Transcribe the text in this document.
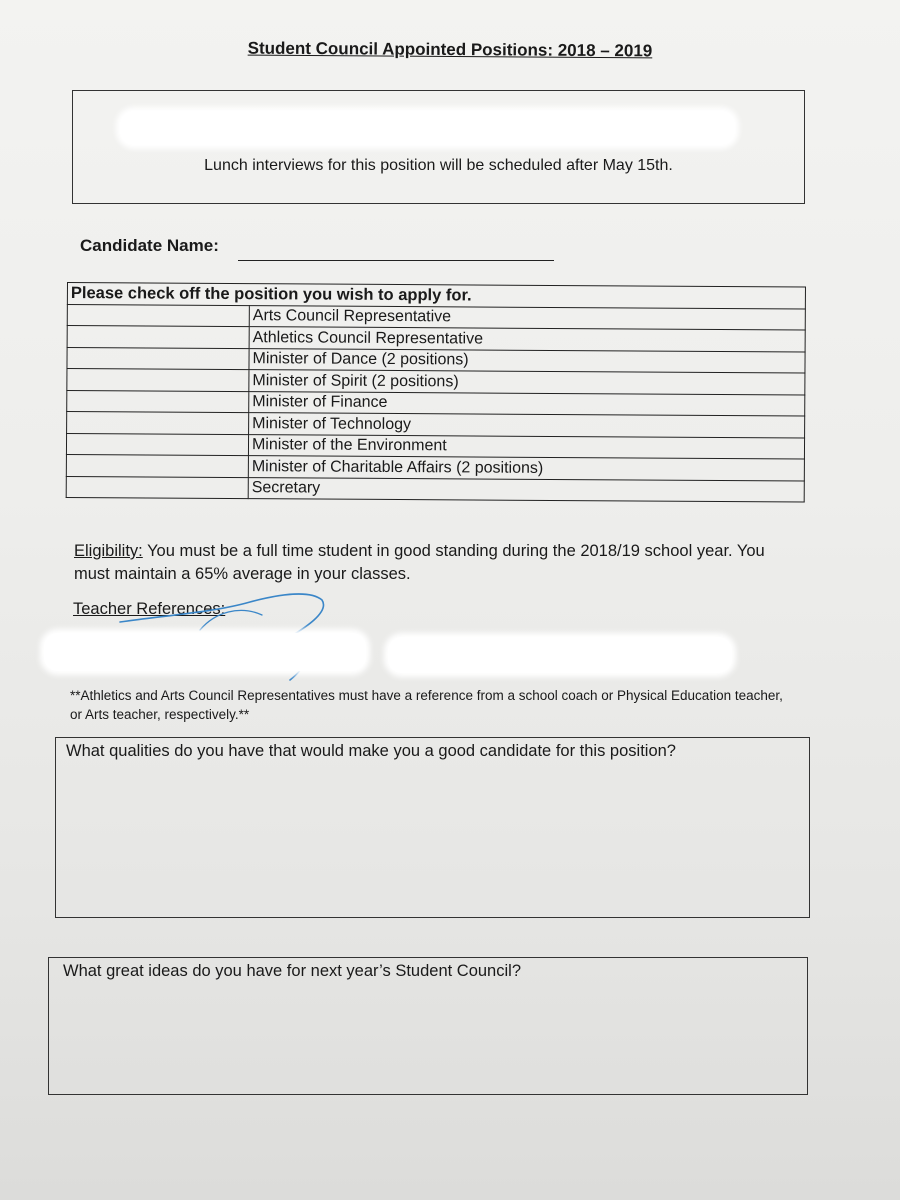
Student Council Appointed Positions: 2018 – 2019
Lunch interviews for this position will be scheduled after May 15th.
Candidate Name:
Please check off the position you wish to apply for.	
	Arts Council Representative
	Athletics Council Representative
	Minister of Dance (2 positions)
	Minister of Spirit (2 positions)
	Minister of Finance
	Minister of Technology
	Minister of the Environment
	Minister of Charitable Affairs (2 positions)
	Secretary
Eligibility: You must be a full time student in good standing during the 2018/19 school year. You must maintain a 65% average in your classes.
Teacher References:
**Athletics and Arts Council Representatives must have a reference from a school coach or Physical Education teacher, or Arts teacher, respectively.**
What qualities do you have that would make you a good candidate for this position?
What great ideas do you have for next year’s Student Council?
